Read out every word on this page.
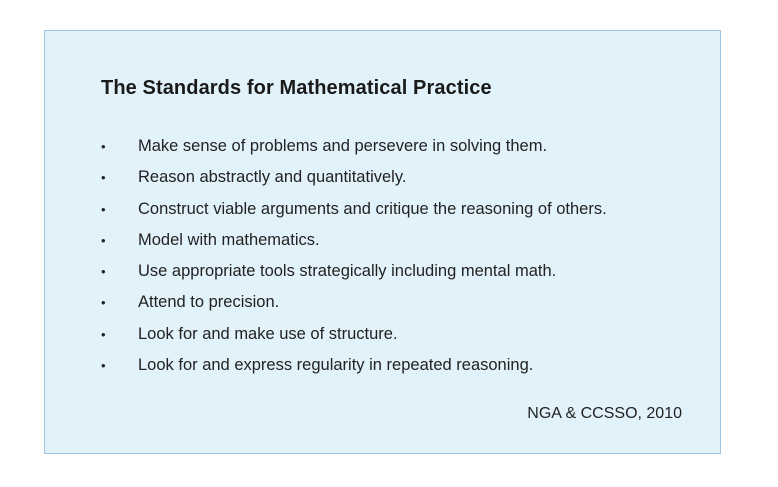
The Standards for Mathematical Practice
•	Make sense of problems and persevere in solving them.
•	Reason abstractly and quantitatively.
•	Construct viable arguments and critique the reasoning of others.
•	Model with mathematics.
•	Use appropriate tools strategically including mental math.
•	Attend to precision.
•	Look for and make use of structure.
•	Look for and express regularity in repeated reasoning.
NGA & CCSSO, 2010
